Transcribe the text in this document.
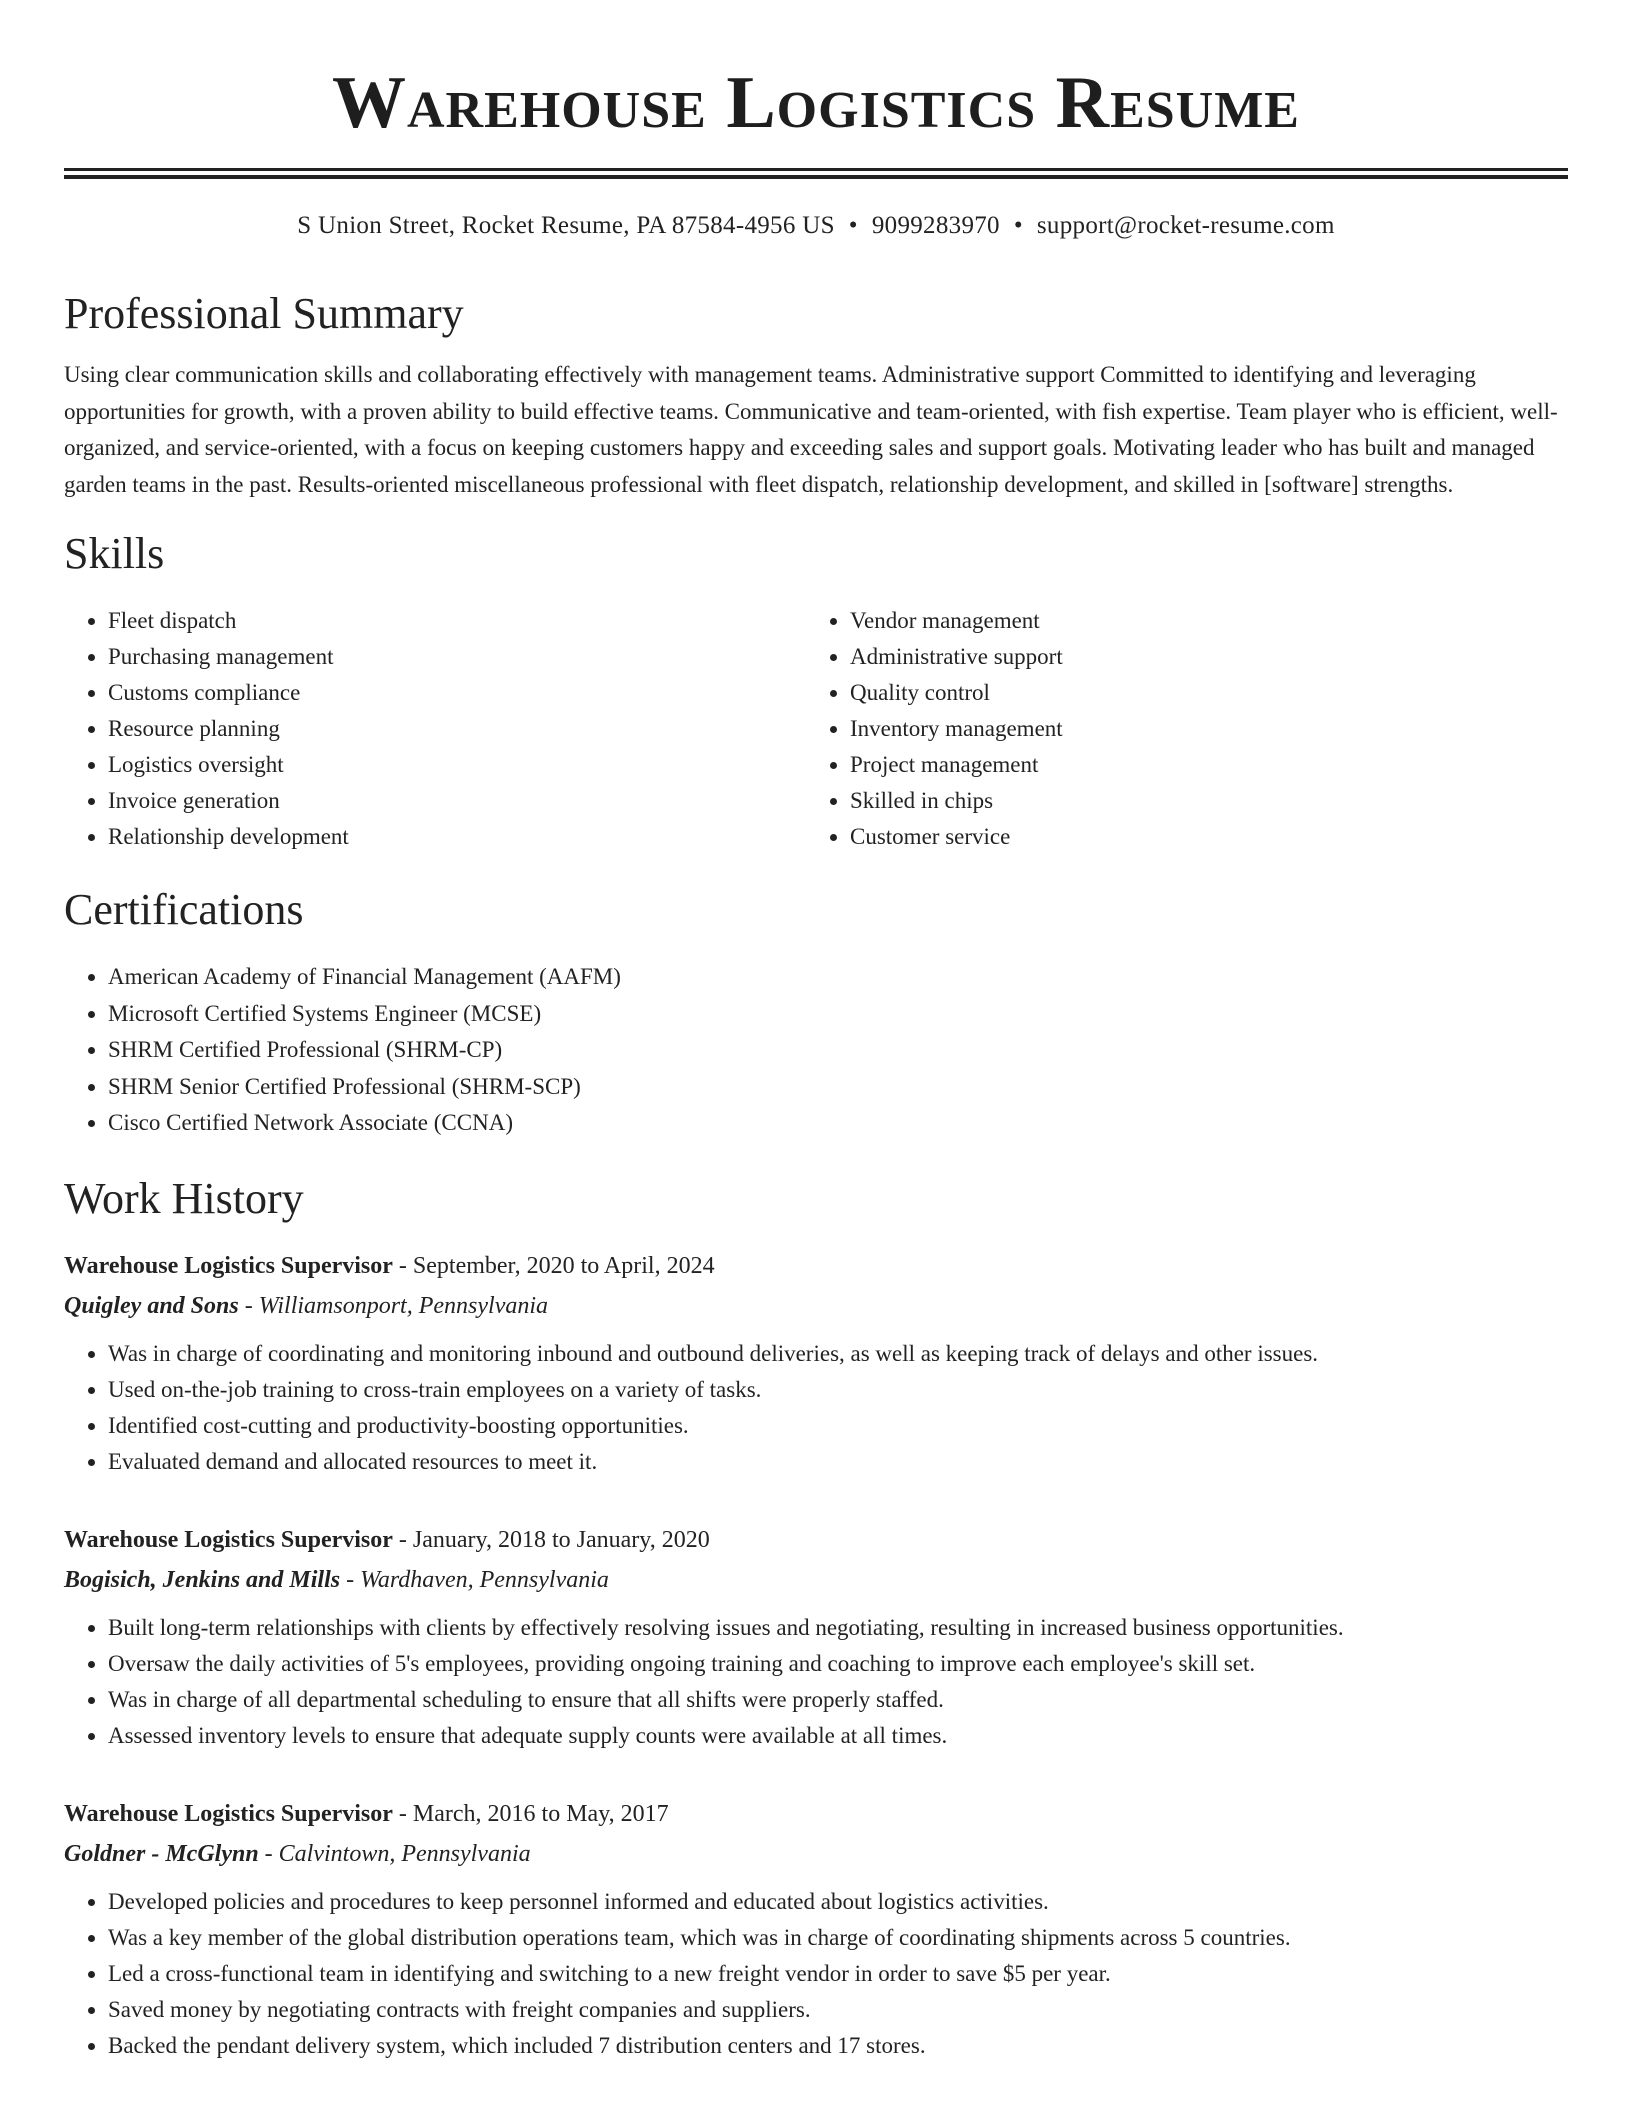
Warehouse Logistics Resume
S Union Street, Rocket Resume, PA 87584-4956 US • 9099283970 • support@rocket-resume.com
Professional Summary

Using clear communication skills and collaborating effectively with management teams. Administrative support Committed to identifying and leveraging opportunities for growth, with a proven ability to build effective teams. Communicative and team-oriented, with fish expertise. Team player who is efficient, well-organized, and service-oriented, with a focus on keeping customers happy and exceeding sales and support goals. Motivating leader who has built and managed garden teams in the past. Results-oriented miscellaneous professional with fleet dispatch, relationship development, and skilled in [software] strengths.

Skills
• Fleet dispatch
• Purchasing management
• Customs compliance
• Resource planning
• Logistics oversight
• Invoice generation
• Relationship development
• Vendor management
• Administrative support
• Quality control
• Inventory management
• Project management
• Skilled in chips
• Customer service
Certifications
• American Academy of Financial Management (AAFM)
• Microsoft Certified Systems Engineer (MCSE)
• SHRM Certified Professional (SHRM-CP)
• SHRM Senior Certified Professional (SHRM-SCP)
• Cisco Certified Network Associate (CCNA)
Work History
Warehouse Logistics Supervisor - September, 2020 to April, 2024
Quigley and Sons - Williamsonport, Pennsylvania
• Was in charge of coordinating and monitoring inbound and outbound deliveries, as well as keeping track of delays and other issues.
• Used on-the-job training to cross-train employees on a variety of tasks.
• Identified cost-cutting and productivity-boosting opportunities.
• Evaluated demand and allocated resources to meet it.
Warehouse Logistics Supervisor - January, 2018 to January, 2020
Bogisich, Jenkins and Mills - Wardhaven, Pennsylvania
• Built long-term relationships with clients by effectively resolving issues and negotiating, resulting in increased business opportunities.
• Oversaw the daily activities of 5's employees, providing ongoing training and coaching to improve each employee's skill set.
• Was in charge of all departmental scheduling to ensure that all shifts were properly staffed.
• Assessed inventory levels to ensure that adequate supply counts were available at all times.
Warehouse Logistics Supervisor - March, 2016 to May, 2017
Goldner - McGlynn - Calvintown, Pennsylvania
• Developed policies and procedures to keep personnel informed and educated about logistics activities.
• Was a key member of the global distribution operations team, which was in charge of coordinating shipments across 5 countries.
• Led a cross-functional team in identifying and switching to a new freight vendor in order to save $5 per year.
• Saved money by negotiating contracts with freight companies and suppliers.
• Backed the pendant delivery system, which included 7 distribution centers and 17 stores.
